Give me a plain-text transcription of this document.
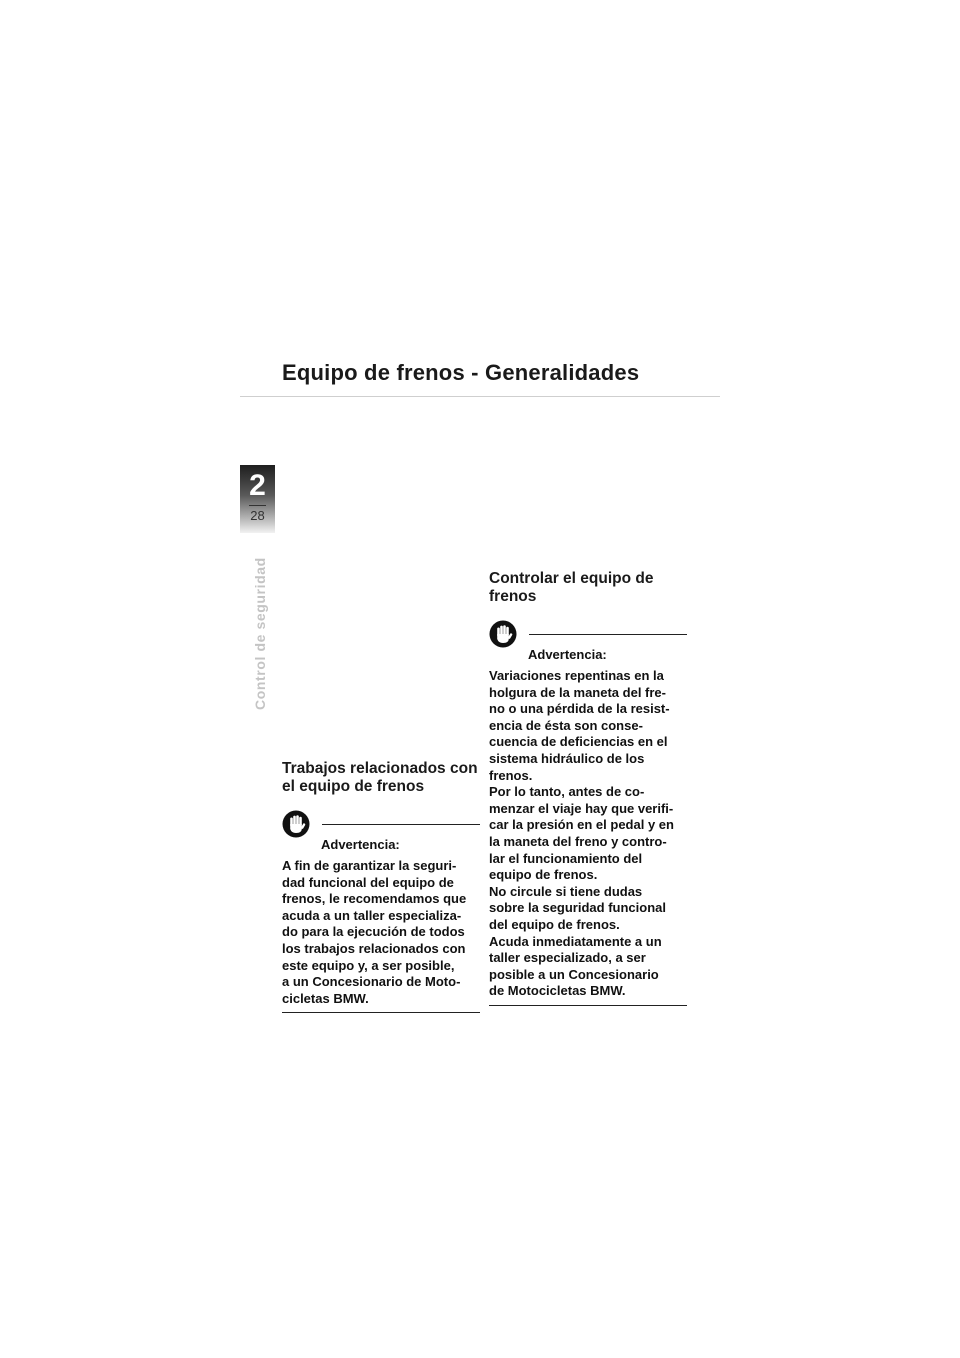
Equipo de frenos - Generalidades
2
28
Control de seguridad
Trabajos relacionados con
el equipo de frenos
Advertencia:
A fin de garantizar la seguri-
dad funcional del equipo de
frenos, le recomendamos que
acuda a un taller especializa-
do para la ejecución de todos
los trabajos relacionados con
este equipo y, a ser posible,
a un Concesionario de Moto-
cicletas BMW.
Controlar el equipo de
frenos
Advertencia:
Variaciones repentinas en la
holgura de la maneta del fre-
no o una pérdida de la resist-
encia de ésta son conse-
cuencia de deficiencias en el
sistema hidráulico de los
frenos.
Por lo tanto, antes de co-
menzar el viaje hay que verifi-
car la presión en el pedal y en
la maneta del freno y contro-
lar el funcionamiento del
equipo de frenos.
No circule si tiene dudas
sobre la seguridad funcional
del equipo de frenos.
Acuda inmediatamente a un
taller especializado, a ser
posible a un Concesionario
de Motocicletas BMW.
